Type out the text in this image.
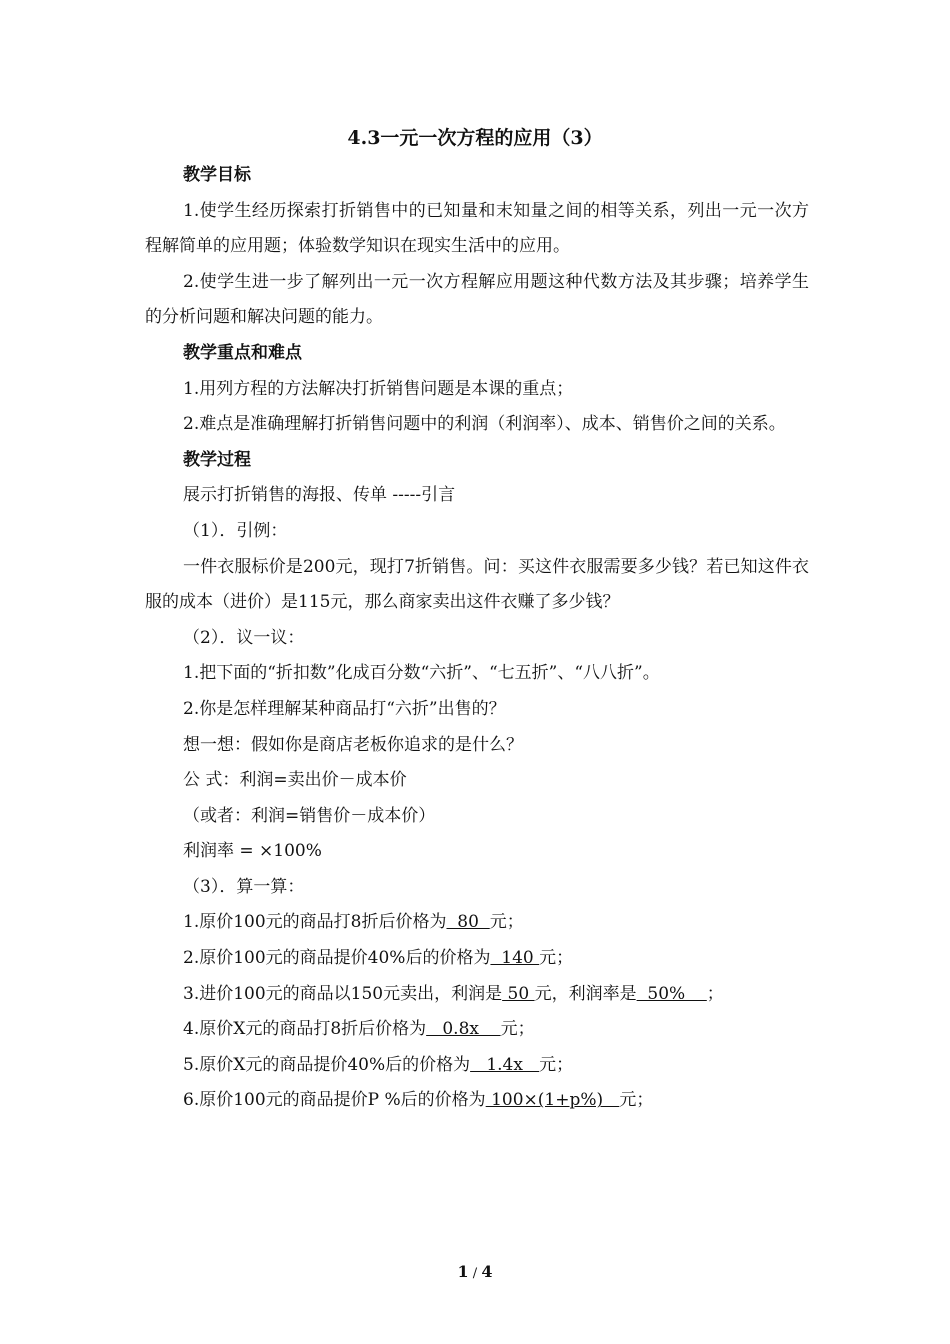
4.3一元一次方程的应用（3）

教学目标

1.使学生经历探索打折销售中的已知量和末知量之间的相等关系，列出一元一次方程解简单的应用题；体验数学知识在现实生活中的应用。

2.使学生进一步了解列出一元一次方程解应用题这种代数方法及其步骤；培养学生的分析问题和解决问题的能力。

教学重点和难点

1.用列方程的方法解决打折销售问题是本课的重点；

2.难点是准确理解打折销售问题中的利润（利润率）、成本、销售价之间的关系。

教学过程

展示打折销售的海报、传单 -----引言

（1）．引例：

一件衣服标价是200元，现打7折销售。问：买这件衣服需要多少钱？若已知这件衣服的成本（进价）是115元，那么商家卖出这件衣赚了多少钱？

（2）．议一议：

1.把下面的“折扣数”化成百分数“六折”、“七五折”、“八八折”。

2.你是怎样理解某种商品打“六折”出售的？

想一想：假如你是商店老板你追求的是什么？

公 式：利润=卖出价－成本价

（或者：利润=销售价－成本价）

利润率 = ×100%

（3）．算一算：

1.原价100元的商品打8折后价格为  80  元；

2.原价100元的商品提价40%后的价格为  140 元；

3.进价100元的商品以150元卖出，利润是 50 元，利润率是  50%    ；

4.原价X元的商品打8折后价格为   0.8x    元；

5.原价X元的商品提价40%后的价格为   1.4x   元；

6.原价100元的商品提价P %后的价格为 100×(1+p%)   元；

1 / 4
